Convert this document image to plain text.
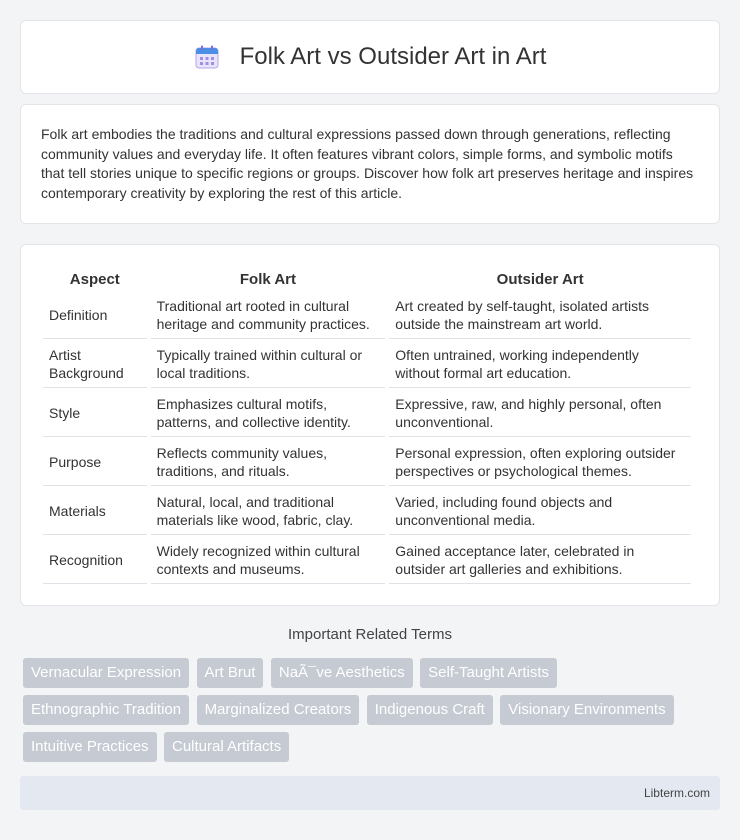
Folk Art vs Outsider Art in Art

Folk art embodies the traditions and cultural expressions passed down through generations, reflecting community values and everyday life. It often features vibrant colors, simple forms, and symbolic motifs that tell stories unique to specific regions or groups. Discover how folk art preserves heritage and inspires contemporary creativity by exploring the rest of this article.

Aspect	Folk Art	Outsider Art
Definition	Traditional art rooted in cultural heritage and community practices.	Art created by self-taught, isolated artists outside the mainstream art world.
Artist Background	Typically trained within cultural or local traditions.	Often untrained, working independently without formal art education.
Style	Emphasizes cultural motifs, patterns, and collective identity.	Expressive, raw, and highly personal, often unconventional.
Purpose	Reflects community values, traditions, and rituals.	Personal expression, often exploring outsider perspectives or psychological themes.
Materials	Natural, local, and traditional materials like wood, fabric, clay.	Varied, including found objects and unconventional media.
Recognition	Widely recognized within cultural contexts and museums.	Gained acceptance later, celebrated in outsider art galleries and exhibitions.
Important Related Terms
Vernacular Expression Art Brut NaÃ¯ve Aesthetics Self-Taught Artists Ethnographic Tradition Marginalized Creators Indigenous Craft Visionary Environments Intuitive Practices Cultural Artifacts
Libterm.com
